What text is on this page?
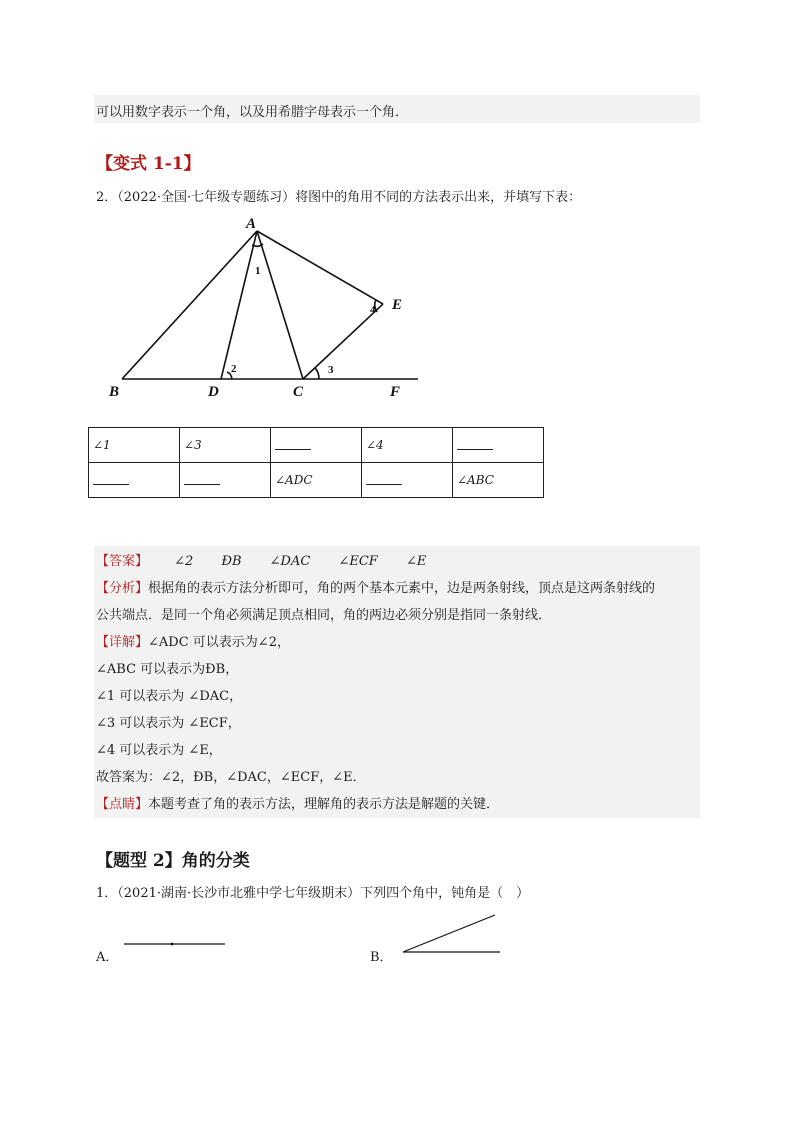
可以用数字表示一个角，以及用希腊字母表示一个角．
【变式 1-1】
2．（2022·全国·七年级专题练习）将图中的角用不同的方法表示出来，并填写下表：
A
B	D	C	F
E
1
2	3
4
∠1	∠3		∠4	
		∠ADC		∠ABC
【答案】 ∠2 ÐB ∠DAC ∠ECF ∠E
【分析】根据角的表示方法分析即可，角的两个基本元素中，边是两条射线，顶点是这两条射线的
公共端点．是同一个角必须满足顶点相同，角的两边必须分别是指同一条射线．
【详解】∠ADC 可以表示为∠2，
∠ABC 可以表示为ÐB，
∠1 可以表示为 ∠DAC，
∠3 可以表示为 ∠ECF，
∠4 可以表示为 ∠E，
故答案为：∠2，ÐB，∠DAC，∠ECF，∠E．
【点睛】本题考查了角的表示方法，理解角的表示方法是解题的关键．
【题型 2】角的分类
1．（2021·湖南·长沙市北雅中学七年级期末）下列四个角中，钝角是（　）
A．	B．
